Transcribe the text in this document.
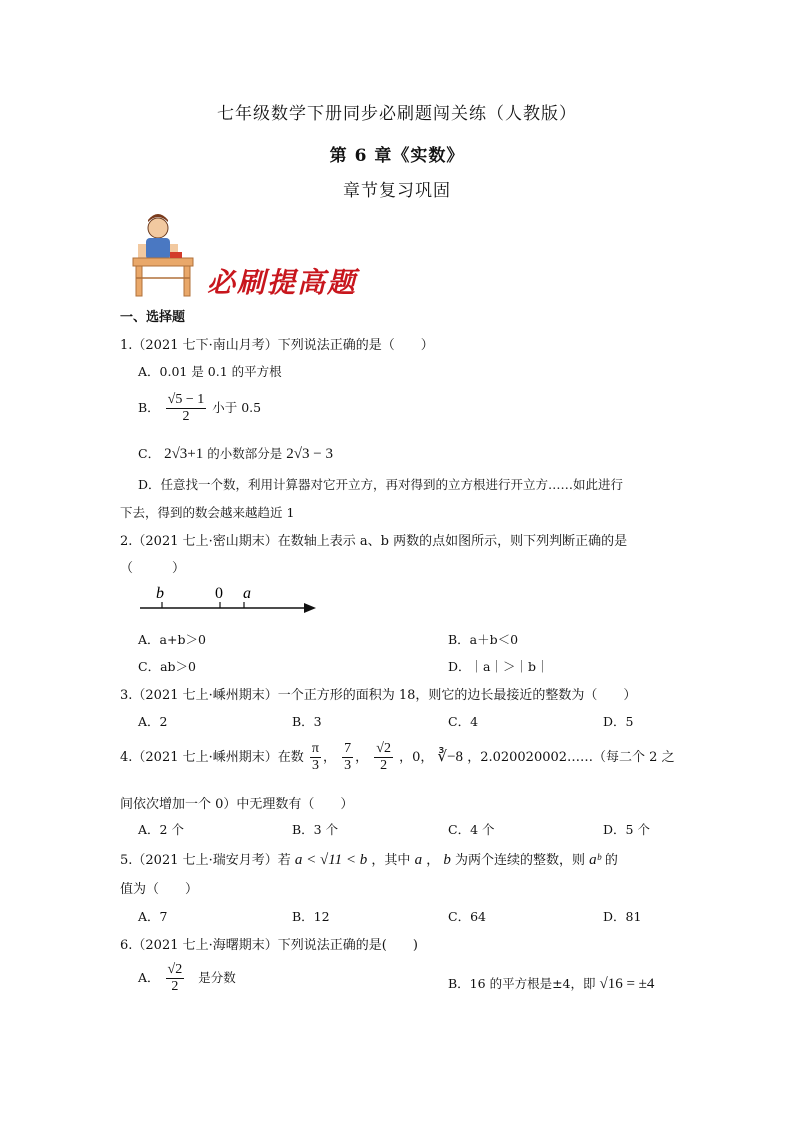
七年级数学下册同步必刷题闯关练（人教版）
第 6 章《实数》
章节复习巩固
必刷提高题
一、选择题
1.（2021 七下·南山月考）下列说法正确的是（　　）
A．0.01 是 0.1 的平方根
B． $\frac{√5 - 1}{2}$ 小于 0.5
C． 2√3+1 的小数部分是 2√3 − 3
D．任意找一个数，利用计算器对它开立方，再对得到的立方根进行开立方……如此进行
下去，得到的数会越来越趋近 1
2.（2021 七上·密山期末）在数轴上表示 a、b 两数的点如图所示，则下列判断正确的是
（　　　）
b	0 a
A．a+b＞0	B．a＋b＜0
C．ab＞0	D．｜a｜＞｜b｜
3.（2021 七上·嵊州期末）一个正方形的面积为 18，则它的边长最接近的整数为（　　）
A．2	B．3	C．4	D．5
4.（2021 七上·嵊州期末）在数 $\frac{\pi}{3}$ ， $\frac{7}{3}$ ， $\frac{√2}{2}$ ，0， ∛−8 ，2.020020002……（每二个 2 之
间依次增加一个 0）中无理数有（　　）
A．2 个	B．3 个	C．4 个	D．5 个
5.（2021 七上·瑞安月考）若 a < √11 < b ，其中 a ， b 为两个连续的整数，则 aᵇ 的
值为（　　）
A．7	B．12	C．64	D．81
6.（2021 七上·海曙期末）下列说法正确的是(　　)
A． $\frac{√2}{2}$ 是分数	B．16 的平方根是±4，即 √16 = ±4
